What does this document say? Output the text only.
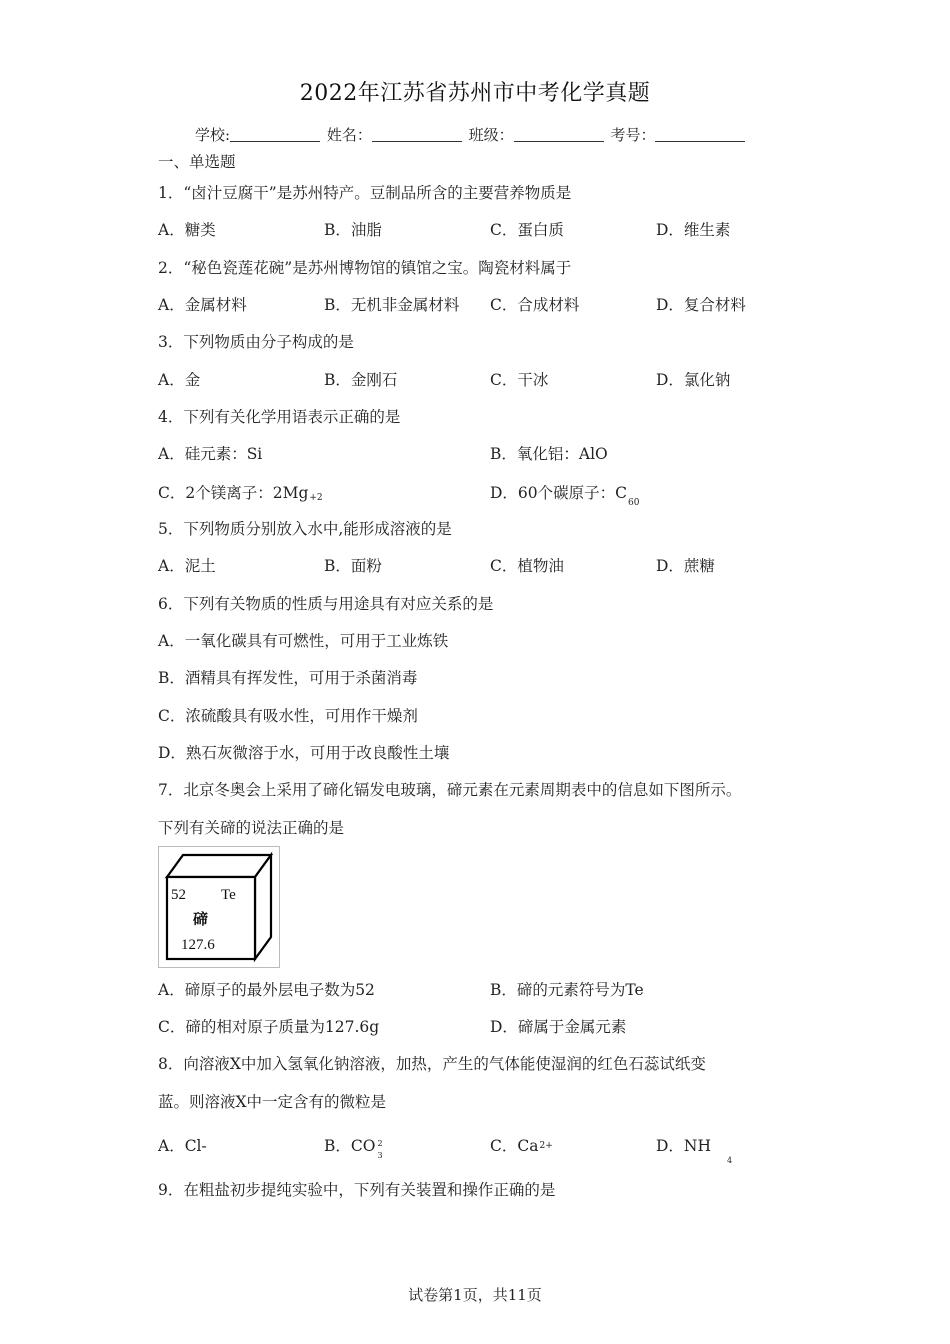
2022年江苏省苏州市中考化学真题
学校:	姓名：	班级：	考号：
一、单选题
1．“卤汁豆腐干”是苏州特产。豆制品所含的主要营养物质是
A．糖类	B．油脂	C．蛋白质	D．维生素
2．“秘色瓷莲花碗”是苏州博物馆的镇馆之宝。陶瓷材料属于
A．金属材料	B．无机非金属材料 C．合成材料	D．复合材料
3．下列物质由分子构成的是
A．金	B．金刚石	C．干冰	D．氯化钠
4．下列有关化学用语表示正确的是
A．硅元素：Si	B．氧化铝：AlO
C．2个镁离子：$2Mg_{+2}$	D．60个碳原子：$C_{60}$
5．下列物质分别放入水中,能形成溶液的是
A．泥土	B．面粉	C．植物油	D．蔗糖
6．下列有关物质的性质与用途具有对应关系的是
A．一氧化碳具有可燃性，可用于工业炼铁
B．酒精具有挥发性，可用于杀菌消毒
C．浓硫酸具有吸水性，可用作干燥剂
D．熟石灰微溶于水，可用于改良酸性土壤
7．北京冬奥会上采用了碲化镉发电玻璃，碲元素在元素周期表中的信息如下图所示。
下列有关碲的说法正确的是
52 Te
碲
127.6
A．碲原子的最外层电子数为52	B．碲的元素符号为Te
C．碲的相对原子质量为127.6g	D．碲属于金属元素
8．向溶液X中加入氢氧化钠溶液，加热，产生的气体能使湿润的红色石蕊试纸变
蓝。则溶液X中一定含有的微粒是
A．Cl-	B．CO 2
3
C．$Ca^{2+}$	D．$NH_4$
9．在粗盐初步提纯实验中，下列有关装置和操作正确的是
试卷第1页，共11页
